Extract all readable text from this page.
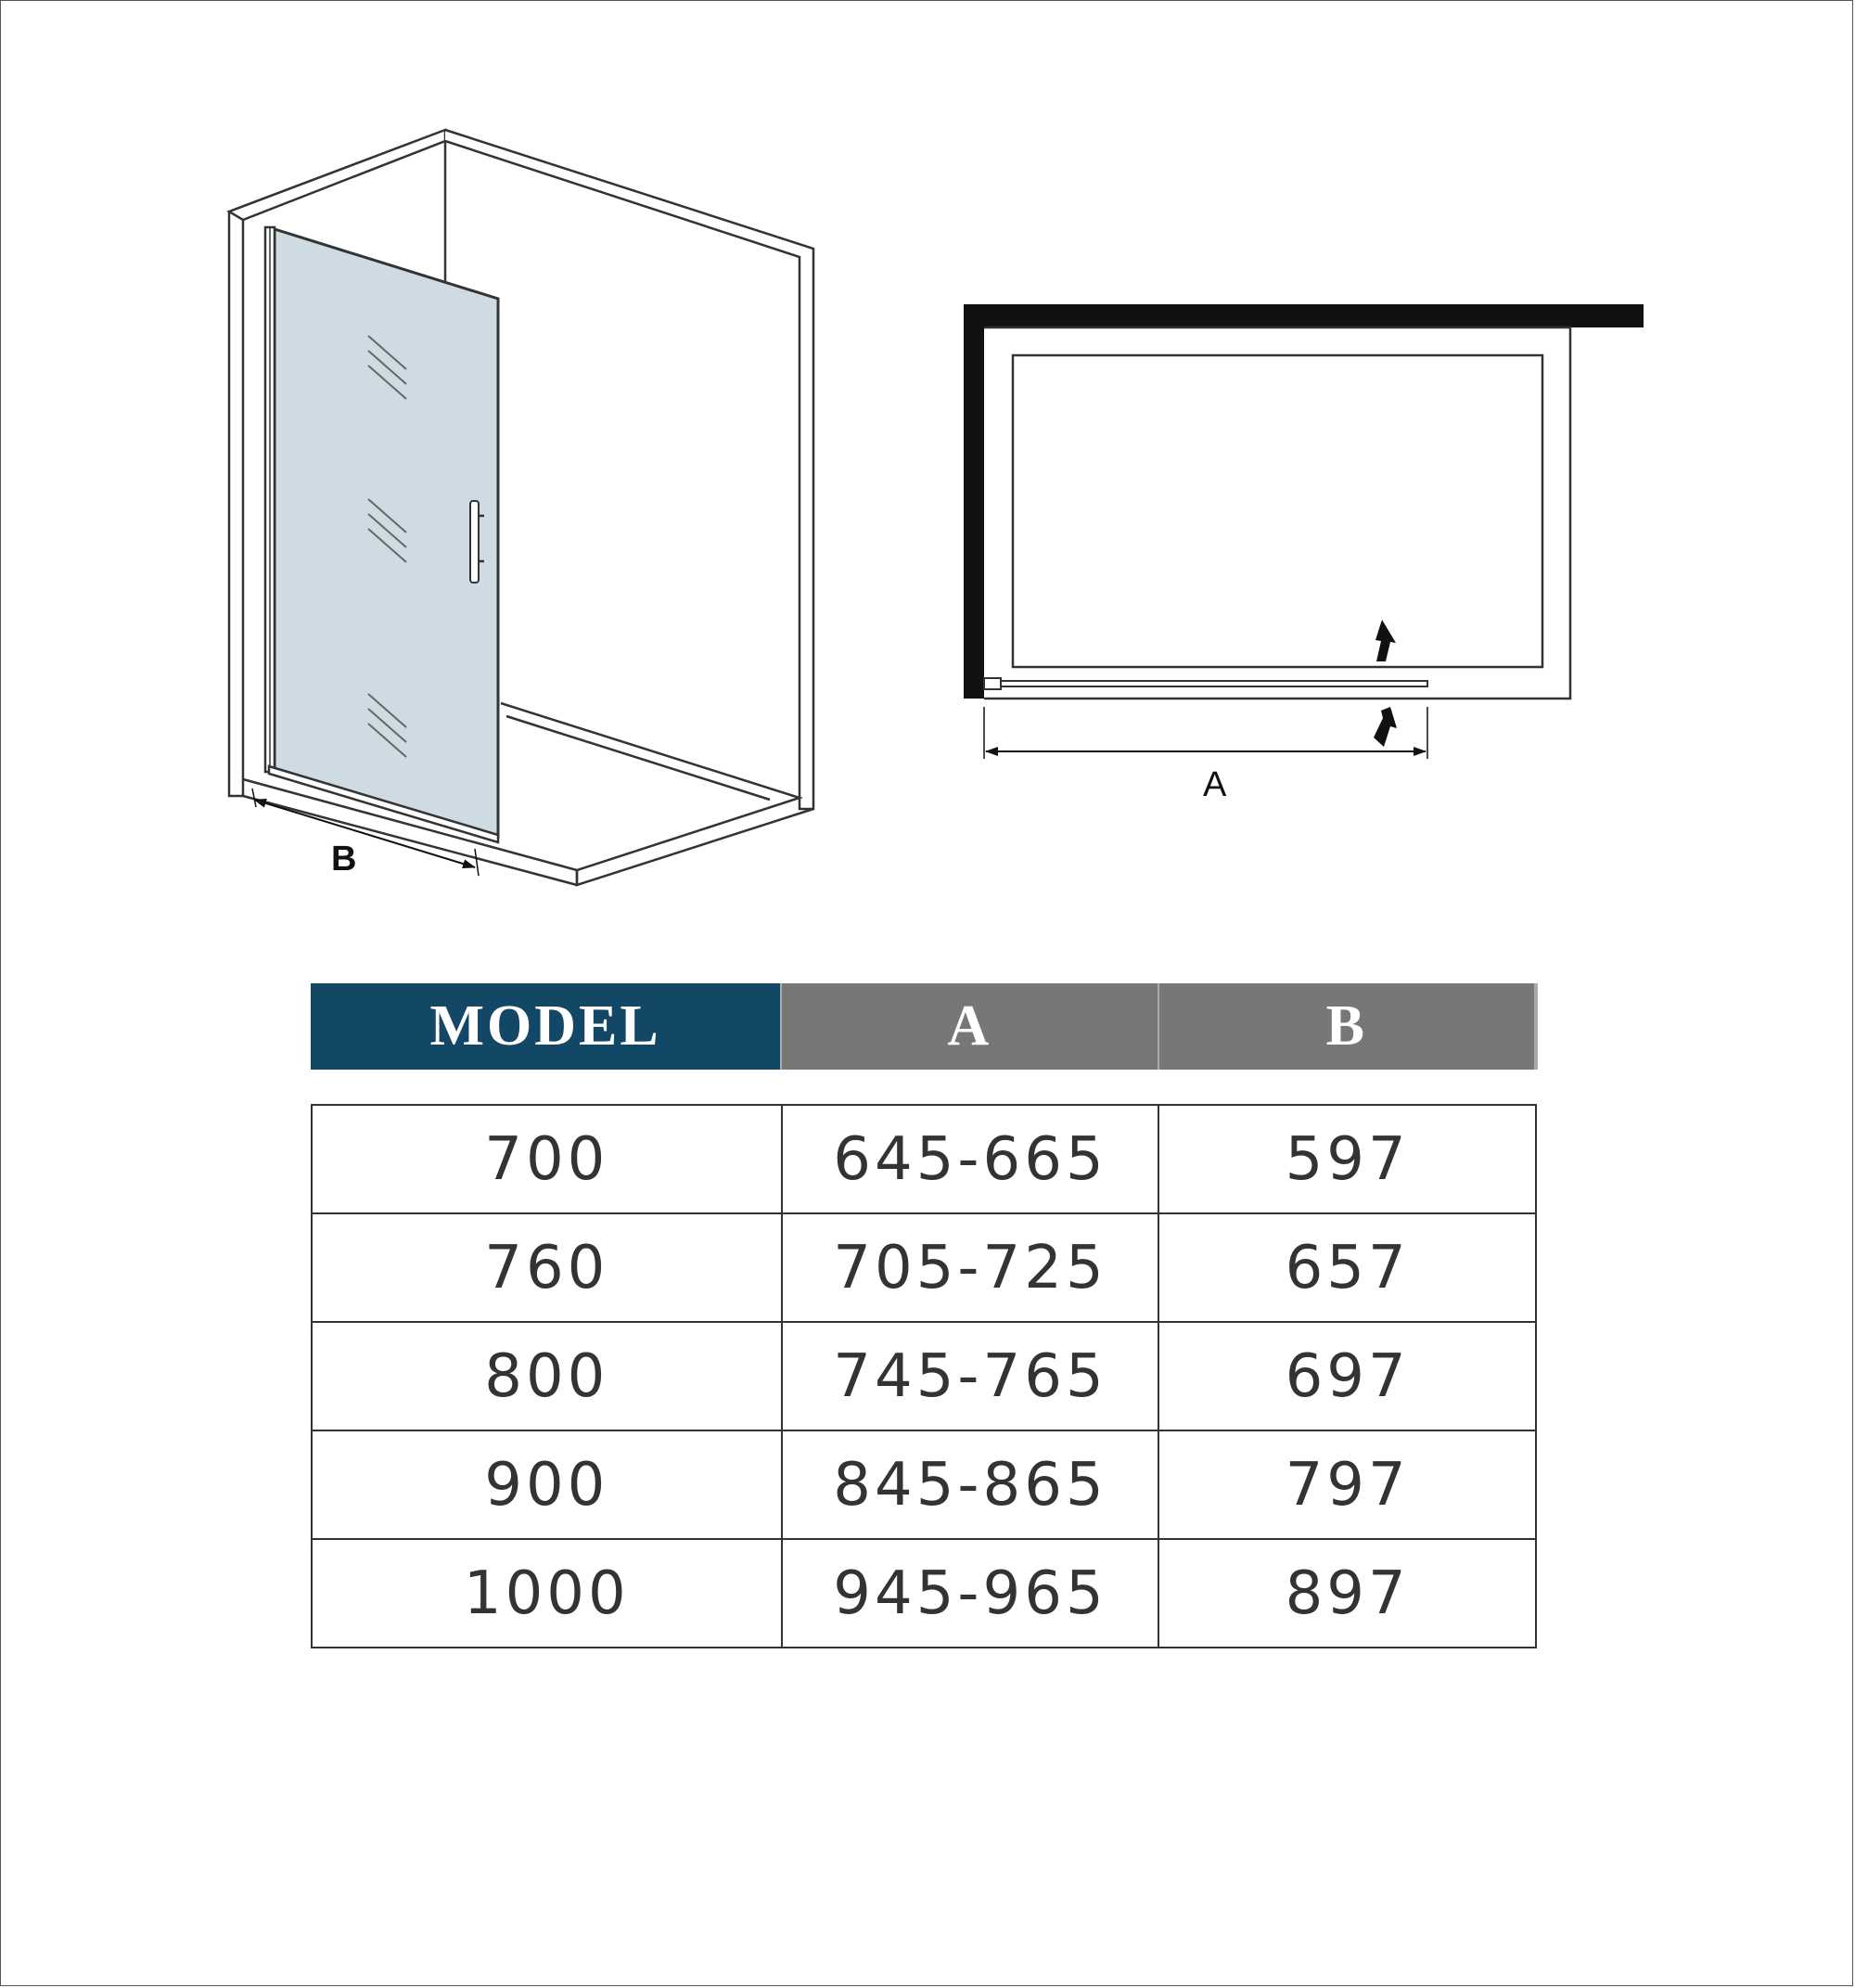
B
A
MODEL	A	B
700	645-665	597
760	705-725	657
800	745-765	697
900	845-865	797
1000	945-965	897
